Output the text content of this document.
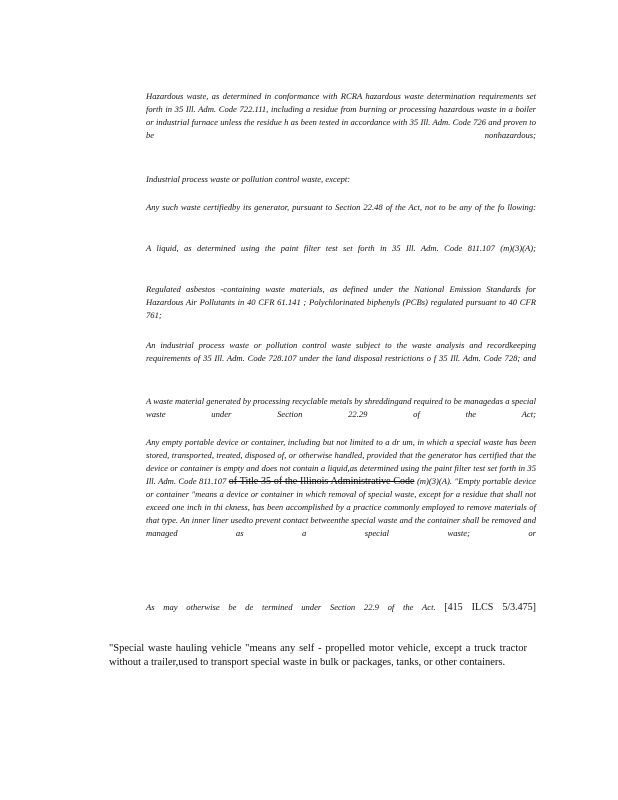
Hazardous waste, as determined in conformance with RCRA hazardous waste determination requirements set forth in 35 Ill. Adm. Code 722.111, including a residue from burning or processing hazardous waste in a boiler or industrial furnace unless the residue h as been tested in accordance with 35 Ill. Adm. Code 726 and proven to be nonhazardous;
Industrial process waste or pollution control waste, except:
Any such waste certifiedby its generator, pursuant to Section 22.48 of the Act, not to be any of the fo llowing:
A liquid, as determined using the paint filter test set forth in 35 Ill. Adm. Code 811.107 (m)(3)(A);
Regulated asbestos -containing waste materials, as defined under the National Emission Standards for Hazardous Air Pollutants in 40 CFR 61.141 ; Polychlorinated biphenyls (PCBs) regulated pursuant to 40 CFR 761;
An industrial process waste or pollution control waste subject to the waste analysis and recordkeeping requirements of 35 Ill. Adm. Code 728.107 under the land disposal restrictions o f 35 Ill. Adm. Code 728; and
A waste material generated by processing recyclable metals by shreddingand required to be managedas a special waste under Section 22.29 of the Act;
Any empty portable device or container, including but not limited to a dr um, in which a special waste has been stored, transported, treated, disposed of, or otherwise handled, provided that the generator has certified that the device or container is empty and does not contain a liquid,as determined using the paint filter test set forth in 35 Ill. Adm. Code 811.107 of Title 35 of the Illinois Administrative Code (m)(3)(A). "Empty portable device or container "means a device or container in which removal of special waste, except for a residue that shall not exceed one inch in thi ckness, has been accomplished by a practice commonly employed to remove materials of that type. An inner liner usedto prevent contact betweenthe special waste and the container shall be removed and managed as a special waste; or
As may otherwise be de termined under Section 22.9 of the Act. [415 ILCS 5/3.475]
"Special waste hauling vehicle "means any self - propelled motor vehicle, except a truck tractor without a trailer,used to transport special waste in bulk or packages, tanks, or other containers.
